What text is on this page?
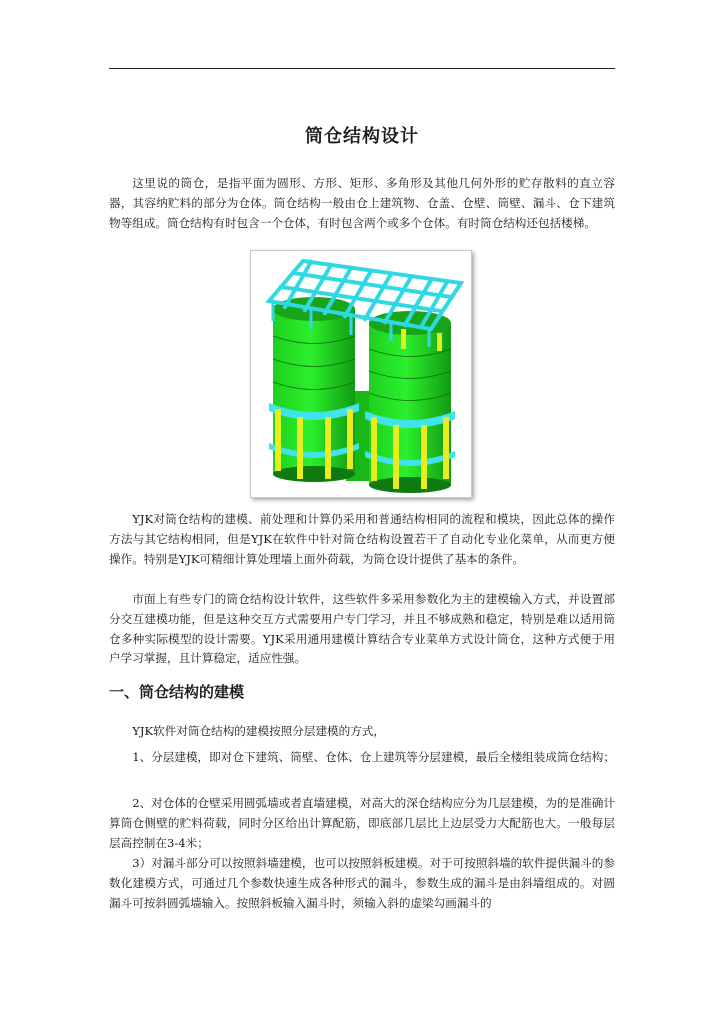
筒仓结构设计

这里说的筒仓，是指平面为圆形、方形、矩形、多角形及其他几何外形的贮存散料的直立容器，其容纳贮料的部分为仓体。筒仓结构一般由仓上建筑物、仓盖、仓壁、筒壁、漏斗、仓下建筑物等组成。筒仓结构有时包含一个仓体，有时包含两个或多个仓体。有时筒仓结构还包括楼梯。

YJK对筒仓结构的建模、前处理和计算仍采用和普通结构相同的流程和模块，因此总体的操作方法与其它结构相同，但是YJK在软件中针对筒仓结构设置若干了自动化专业化菜单，从而更方便操作。特别是YJK可精细计算处理墙上面外荷载，为筒仓设计提供了基本的条件。

市面上有些专门的筒仓结构设计软件，这些软件多采用参数化为主的建模输入方式，并设置部分交互建模功能，但是这种交互方式需要用户专门学习，并且不够成熟和稳定，特别是难以适用筒仓多种实际模型的设计需要。YJK采用通用建模计算结合专业菜单方式设计筒仓，这种方式便于用户学习掌握，且计算稳定，适应性强。

一、筒仓结构的建模

YJK软件对筒仓结构的建模按照分层建模的方式，

1、分层建模，即对仓下建筑、筒壁、仓体、仓上建筑等分层建模，最后全楼组装成筒仓结构；

2、对仓体的仓壁采用圆弧墙或者直墙建模，对高大的深仓结构应分为几层建模，为的是准确计算筒仓侧壁的贮料荷载，同时分区给出计算配筋，即底部几层比上边层受力大配筋也大。一般每层层高控制在3-4米；

3）对漏斗部分可以按照斜墙建模，也可以按照斜板建模。对于可按照斜墙的软件提供漏斗的参数化建模方式，可通过几个参数快速生成各种形式的漏斗，参数生成的漏斗是由斜墙组成的。对圆漏斗可按斜圆弧墙输入。按照斜板输入漏斗时，须输入斜的虚梁勾画漏斗的
